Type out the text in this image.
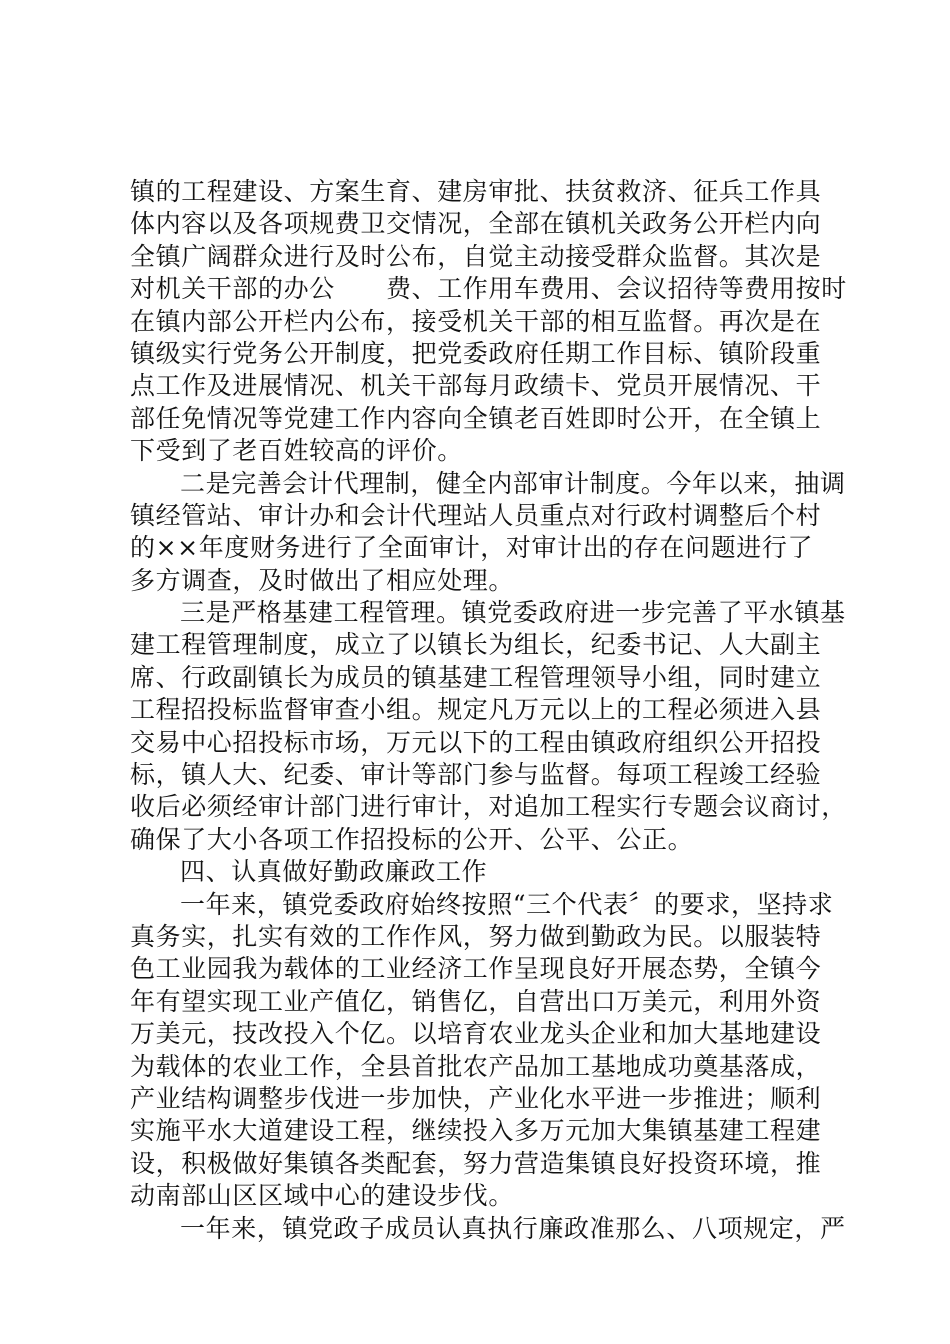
镇的工程建设、方案生育、建房审批、扶贫救济、征兵工作具
体内容以及各项规费卫交情况，全部在镇机关政务公开栏内向
全镇广阔群众进行及时公布，自觉主动接受群众监督。其次是
对机关干部的办公　　费、工作用车费用、会议招待等费用按时
在镇内部公开栏内公布，接受机关干部的相互监督。再次是在
镇级实行党务公开制度，把党委政府任期工作目标、镇阶段重
点工作及进展情况、机关干部每月政绩卡、党员开展情况、干
部任免情况等党建工作内容向全镇老百姓即时公开，在全镇上
下受到了老百姓较高的评价。
二是完善会计代理制，健全内部审计制度。今年以来，抽调
镇经管站、审计办和会计代理站人员重点对行政村调整后个村
的××年度财务进行了全面审计，对审计出的存在问题进行了
多方调查，及时做出了相应处理。
三是严格基建工程管理。镇党委政府进一步完善了平水镇基
建工程管理制度，成立了以镇长为组长，纪委书记、人大副主
席、行政副镇长为成员的镇基建工程管理领导小组，同时建立
工程招投标监督审查小组。规定凡万元以上的工程必须进入县
交易中心招投标市场，万元以下的工程由镇政府组织公开招投
标，镇人大、纪委、审计等部门参与监督。每项工程竣工经验
收后必须经审计部门进行审计，对追加工程实行专题会议商讨，
确保了大小各项工作招投标的公开、公平、公正。
四、认真做好勤政廉政工作
一年来，镇党委政府始终按照“三个代表〞的要求，坚持求
真务实，扎实有效的工作作风，努力做到勤政为民。以服装特
色工业园我为载体的工业经济工作呈现良好开展态势，全镇今
年有望实现工业产值亿，销售亿，自营出口万美元，利用外资
万美元，技改投入个亿。以培育农业龙头企业和加大基地建设
为载体的农业工作，全县首批农产品加工基地成功奠基落成，
产业结构调整步伐进一步加快，产业化水平进一步推进；顺利
实施平水大道建设工程，继续投入多万元加大集镇基建工程建
设，积极做好集镇各类配套，努力营造集镇良好投资环境，推
动南部山区区域中心的建设步伐。
一年来，镇党政子成员认真执行廉政准那么、八项规定，严
